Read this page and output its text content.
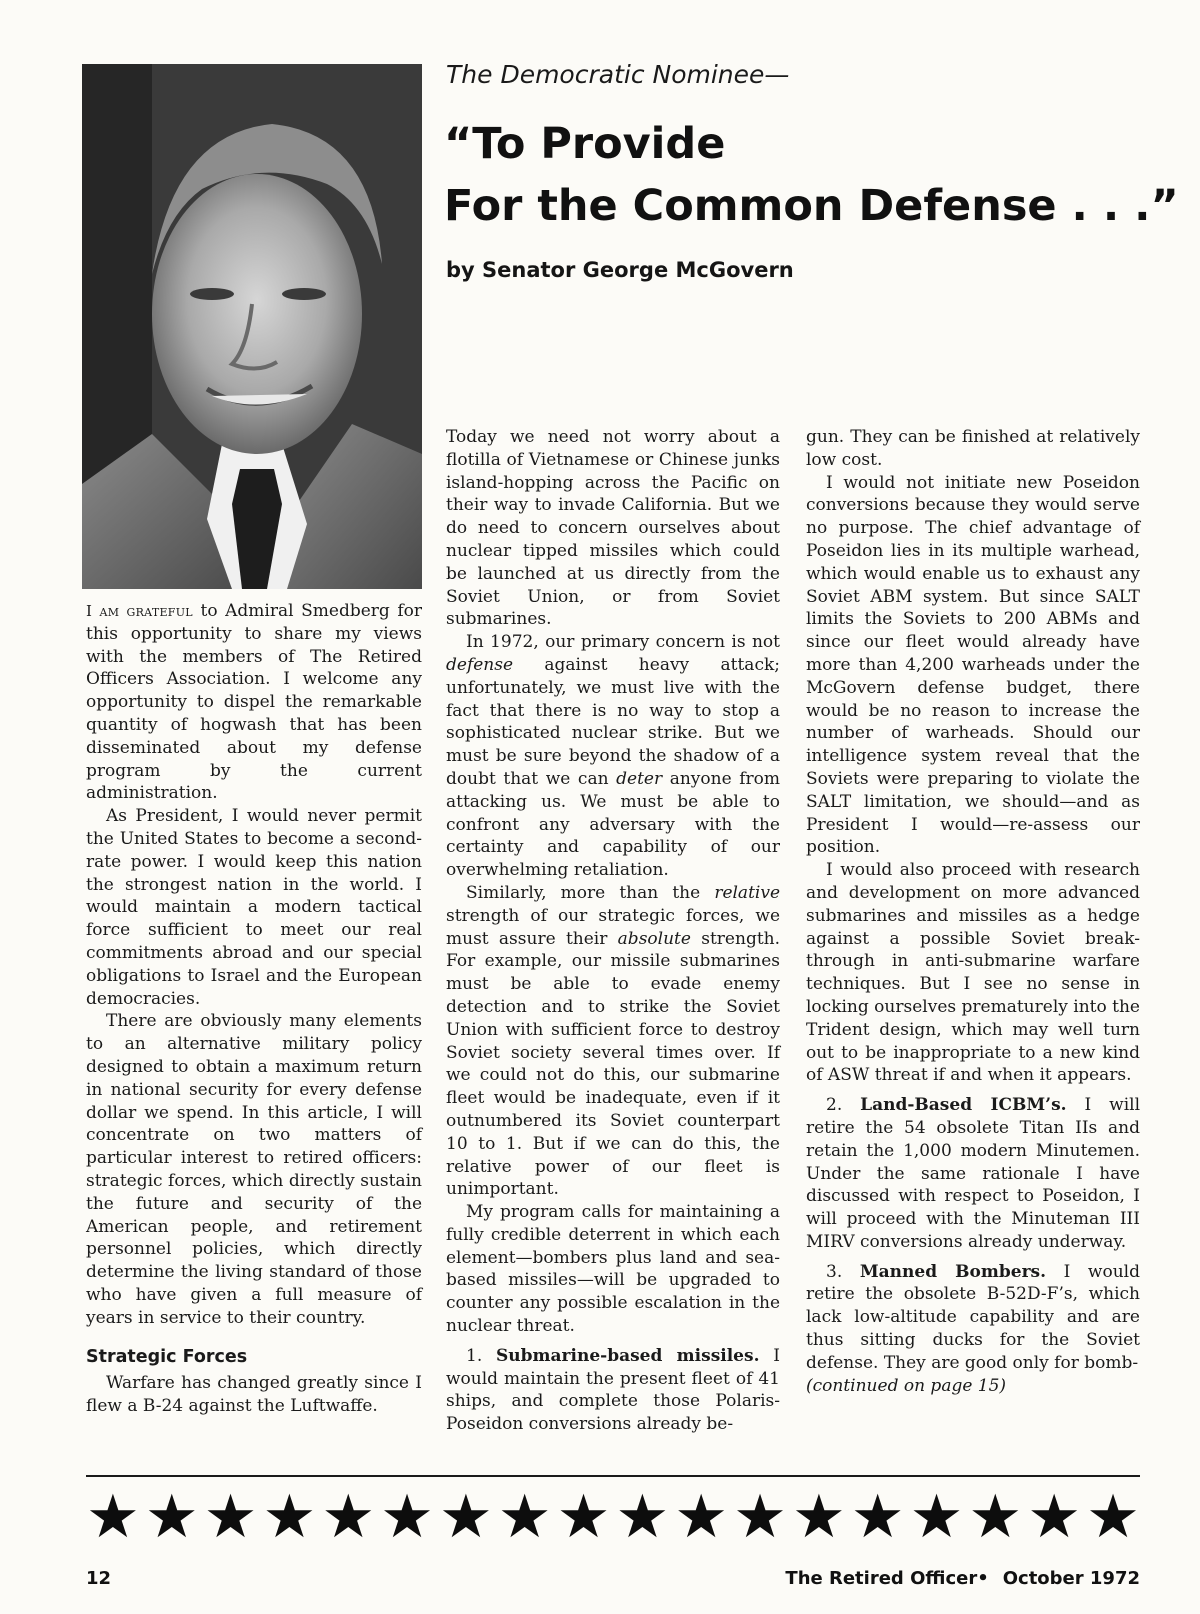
The Democratic Nominee—
“To Provide
For the Common Defense . . .”
by Senator George McGovern

I am grateful to Admiral Smedberg for this opportunity to share my views with the members of The Retired Officers Association. I welcome any opportunity to dispel the remarkable quantity of hogwash that has been disseminated about my defense program by the current administration.

As President, I would never permit the United States to become a second-rate power. I would keep this nation the strongest nation in the world. I would maintain a modern tactical force sufficient to meet our real commitments abroad and our special obligations to Israel and the European democracies.

There are obviously many elements to an alternative military policy designed to obtain a maximum return in national security for every defense dollar we spend. In this article, I will concentrate on two matters of particular interest to retired officers: strategic forces, which directly sustain the future and security of the American people, and retirement personnel policies, which directly determine the living standard of those who have given a full measure of years in service to their country.

Strategic Forces

Warfare has changed greatly since I flew a B-24 against the Luftwaffe.

Today we need not worry about a flotilla of Vietnamese or Chinese junks island-hopping across the Pacific on their way to invade California. But we do need to concern ourselves about nuclear tipped missiles which could be launched at us directly from the Soviet Union, or from Soviet submarines.

In 1972, our primary concern is not defense against heavy attack; unfortunately, we must live with the fact that there is no way to stop a sophisticated nuclear strike. But we must be sure beyond the shadow of a doubt that we can deter anyone from attacking us. We must be able to confront any adversary with the certainty and capability of our overwhelming retaliation.

Similarly, more than the relative strength of our strategic forces, we must assure their absolute strength. For example, our missile submarines must be able to evade enemy detection and to strike the Soviet Union with sufficient force to destroy Soviet society several times over. If we could not do this, our submarine fleet would be inadequate, even if it outnumbered its Soviet counterpart 10 to 1. But if we can do this, the relative power of our fleet is unimportant.

My program calls for maintaining a fully credible deterrent in which each element—bombers plus land and sea-based missiles—will be upgraded to counter any possible escalation in the nuclear threat.

1. Submarine-based missiles. I would maintain the present fleet of 41 ships, and complete those Polaris-Poseidon conversions already be-

gun. They can be finished at relatively low cost.

I would not initiate new Poseidon conversions because they would serve no purpose. The chief advantage of Poseidon lies in its multiple warhead, which would enable us to exhaust any Soviet ABM system. But since SALT limits the Soviets to 200 ABMs and since our fleet would already have more than 4,200 warheads under the McGovern defense budget, there would be no reason to increase the number of warheads. Should our intelligence system reveal that the Soviets were preparing to violate the SALT limitation, we should—and as President I would—re-assess our position.

I would also proceed with research and development on more advanced submarines and missiles as a hedge against a possible Soviet break-through in anti-submarine warfare techniques. But I see no sense in locking ourselves prematurely into the Trident design, which may well turn out to be inappropriate to a new kind of ASW threat if and when it appears.

2. Land-Based ICBM’s. I will retire the 54 obsolete Titan IIs and retain the 1,000 modern Minutemen. Under the same rationale I have discussed with respect to Poseidon, I will proceed with the Minuteman III MIRV conversions already underway.

3. Manned Bombers. I would retire the obsolete B-52D-F’s, which lack low-altitude capability and are thus sitting ducks for the Soviet defense. They are good only for bomb-

(continued on page 15)

★ ★ ★ ★ ★ ★ ★ ★ ★ ★ ★ ★ ★ ★ ★ ★ ★ ★
12	The Retired Officer• October 1972
